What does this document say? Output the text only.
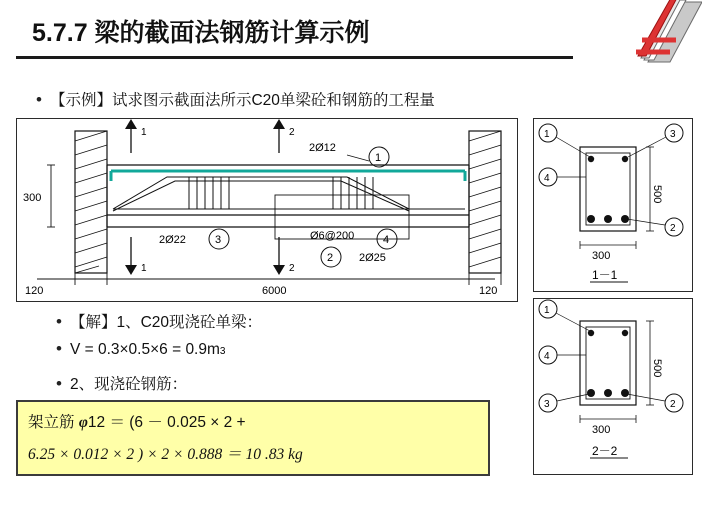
5.7.7 梁的截面法钢筋计算示例
• 【示例】试求图示截面法所示C20单梁砼和钢筋的工程量
1	2
1	2
300
120	6000	120
2Ø12
1
2Ø22	3	Ø6@200	4
2Ø25
2
1	3
4
2
500
300
1－1
• 【解】1、C20现浇砼单梁：
• V = 0.3×0.5×6 = 0.9m 3
• 2、现浇砼钢筋：
1
4
3	2
500
300
2－2
架立筋 φ12 ＝ (6 － 0.025 × 2 +
6.25 × 0.012 × 2 ) × 2 × 0.888 ＝ 10 .83 kg
